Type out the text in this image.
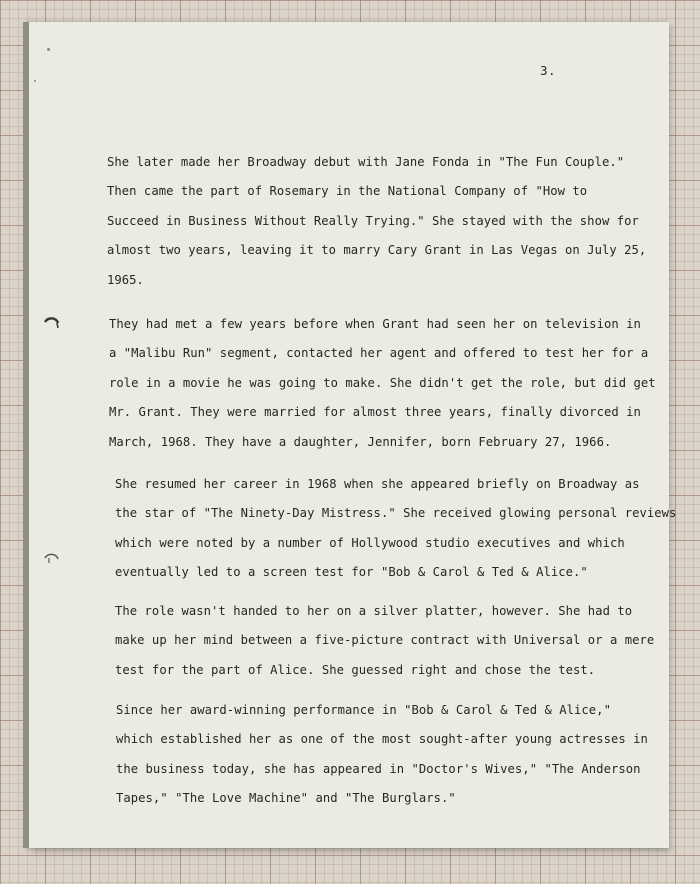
3.
She later made her Broadway debut with Jane Fonda in "The Fun Couple."
Then came the part of Rosemary in the National Company of "How to
Succeed in Business Without Really Trying." She stayed with the show for
almost two years, leaving it to marry Cary Grant in Las Vegas on July 25,
1965.
They had met a few years before when Grant had seen her on television in
a "Malibu Run" segment, contacted her agent and offered to test her for a
role in a movie he was going to make. She didn't get the role, but did get
Mr. Grant. They were married for almost three years, finally divorced in
March, 1968. They have a daughter, Jennifer, born February 27, 1966.
She resumed her career in 1968 when she appeared briefly on Broadway as
the star of "The Ninety-Day Mistress." She received glowing personal reviews
which were noted by a number of Hollywood studio executives and which
eventually led to a screen test for "Bob & Carol & Ted & Alice."
The role wasn't handed to her on a silver platter, however. She had to
make up her mind between a five-picture contract with Universal or a mere
test for the part of Alice. She guessed right and chose the test.
Since her award-winning performance in "Bob & Carol & Ted & Alice,"
which established her as one of the most sought-after young actresses in
the business today, she has appeared in "Doctor's Wives," "The Anderson
Tapes," "The Love Machine" and "The Burglars."
